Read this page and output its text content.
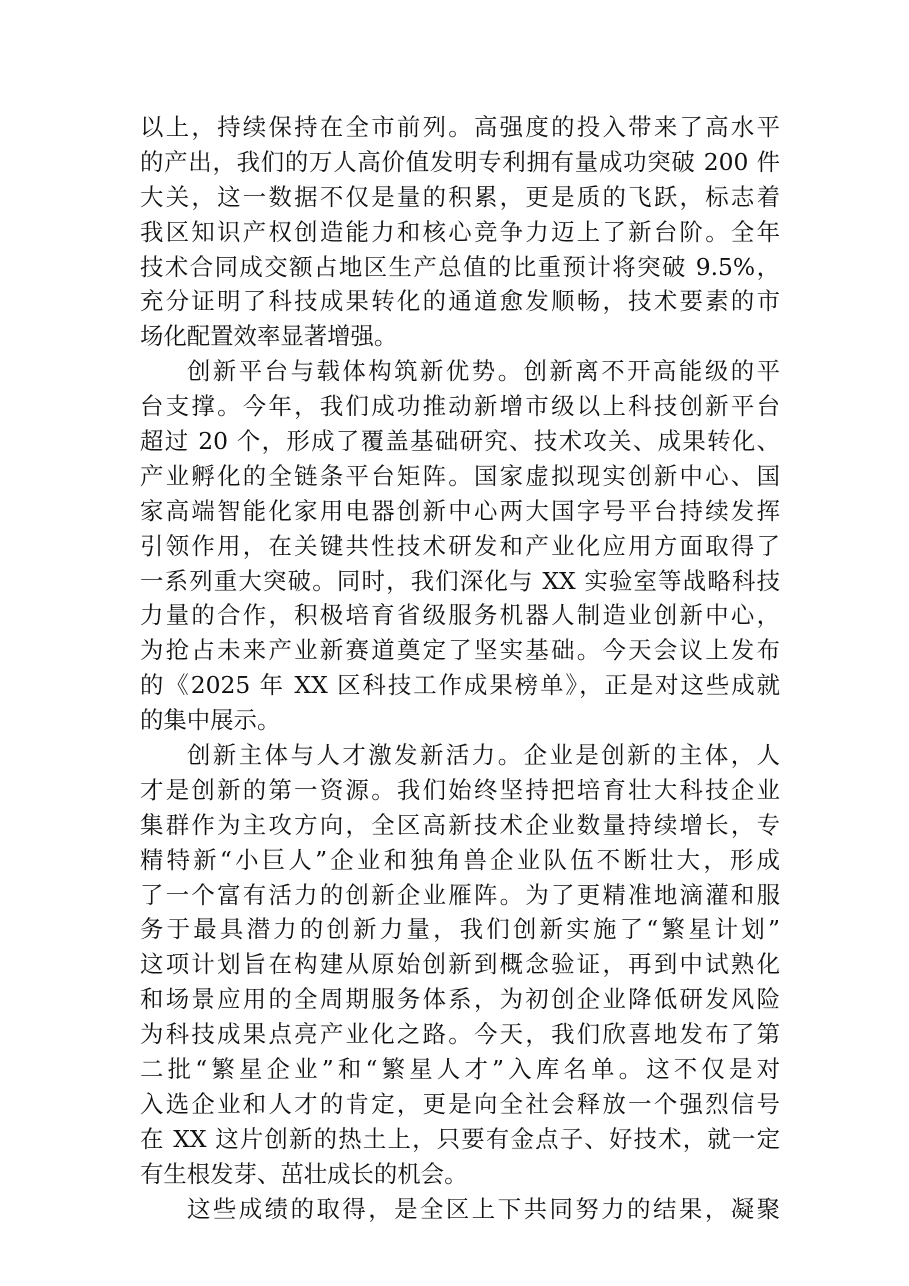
以上，持续保持在全市前列。高强度的投入带来了高水平
的产出，我们的万人高价值发明专利拥有量成功突破 200 件
大关，这一数据不仅是量的积累，更是质的飞跃，标志着
我区知识产权创造能力和核心竞争力迈上了新台阶。全年
技术合同成交额占地区生产总值的比重预计将突破 9.5%，
充分证明了科技成果转化的通道愈发顺畅，技术要素的市
场化配置效率显著增强。
创新平台与载体构筑新优势。创新离不开高能级的平
台支撑。今年，我们成功推动新增市级以上科技创新平台
超过 20 个，形成了覆盖基础研究、技术攻关、成果转化、
产业孵化的全链条平台矩阵。国家虚拟现实创新中心、国
家高端智能化家用电器创新中心两大国字号平台持续发挥
引领作用，在关键共性技术研发和产业化应用方面取得了
一系列重大突破。同时，我们深化与 XX 实验室等战略科技
力量的合作，积极培育省级服务机器人制造业创新中心，
为抢占未来产业新赛道奠定了坚实基础。今天会议上发布
的《2025 年 XX 区科技工作成果榜单》，正是对这些成就
的集中展示。
创新主体与人才激发新活力。企业是创新的主体，人
才是创新的第一资源。我们始终坚持把培育壮大科技企业
集群作为主攻方向，全区高新技术企业数量持续增长，专
精特新“小巨人”企业和独角兽企业队伍不断壮大，形成
了一个富有活力的创新企业雁阵。为了更精准地滴灌和服
务于最具潜力的创新力量，我们创新实施了“繁星计划”
这项计划旨在构建从原始创新到概念验证，再到中试熟化
和场景应用的全周期服务体系，为初创企业降低研发风险
为科技成果点亮产业化之路。今天，我们欣喜地发布了第
二批“繁星企业”和“繁星人才”入库名单。这不仅是对
入选企业和人才的肯定，更是向全社会释放一个强烈信号
在 XX 这片创新的热土上，只要有金点子、好技术，就一定
有生根发芽、茁壮成长的机会。
这些成绩的取得，是全区上下共同努力的结果，凝聚
